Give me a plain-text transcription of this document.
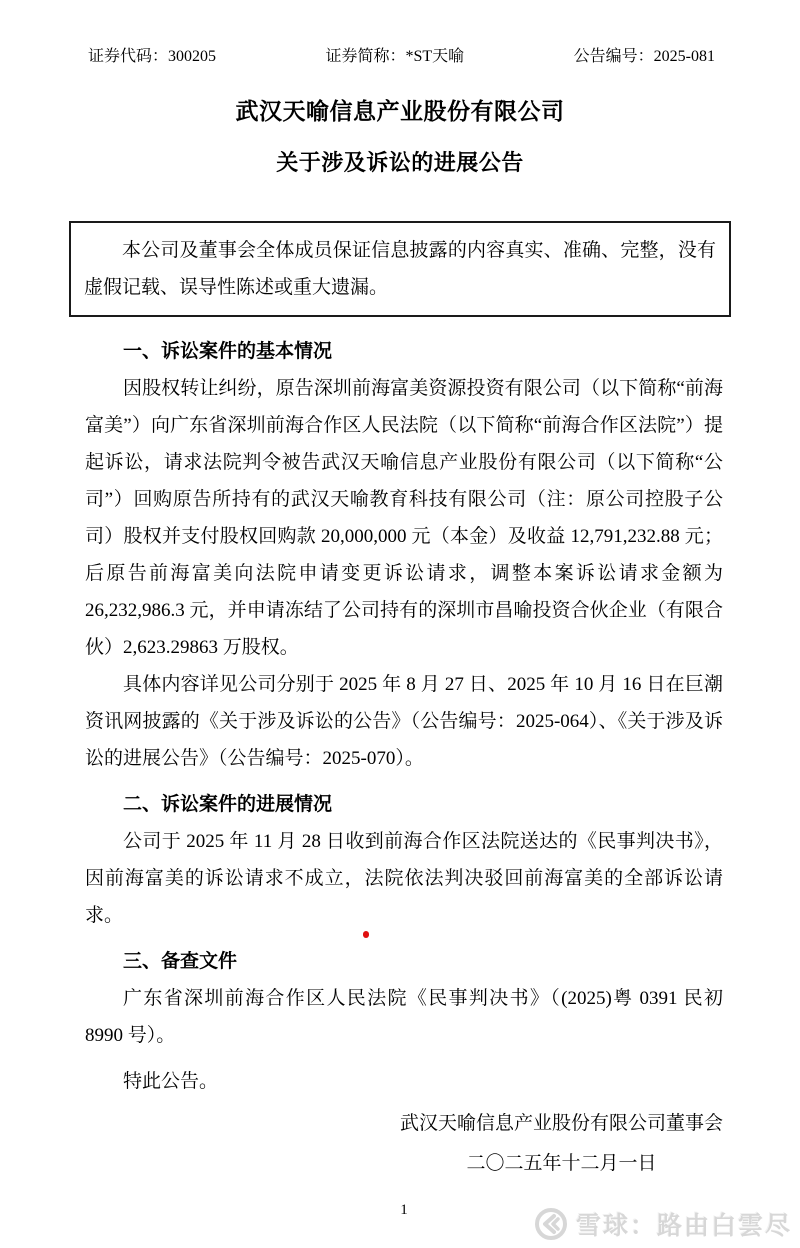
证券代码：300205	证券简称：*ST天喻	公告编号：2025-081
武汉天喻信息产业股份有限公司
关于涉及诉讼的进展公告

本公司及董事会全体成员保证信息披露的内容真实、准确、完整，没有虚假记载、误导性陈述或重大遗漏。

一、诉讼案件的基本情况

因股权转让纠纷，原告深圳前海富美资源投资有限公司（以下简称“前海富美”）向广东省深圳前海合作区人民法院（以下简称“前海合作区法院”）提起诉讼，请求法院判令被告武汉天喻信息产业股份有限公司（以下简称“公司”）回购原告所持有的武汉天喻教育科技有限公司（注：原公司控股子公司）股权并支付股权回购款 20,000,000 元（本金）及收益 12,791,232.88 元；后原告前海富美向法院申请变更诉讼请求，调整本案诉讼请求金额为 26,232,986.3 元，并申请冻结了公司持有的深圳市昌喻投资合伙企业（有限合伙）2,623.29863 万股权。

具体内容详见公司分别于 2025 年 8 月 27 日、2025 年 10 月 16 日在巨潮资讯网披露的《关于涉及诉讼的公告》（公告编号：2025-064）、《关于涉及诉讼的进展公告》（公告编号：2025-070）。

二、诉讼案件的进展情况

公司于 2025 年 11 月 28 日收到前海合作区法院送达的《民事判决书》，因前海富美的诉讼请求不成立，法院依法判决驳回前海富美的全部诉讼请求。

三、备查文件

广东省深圳前海合作区人民法院《民事判决书》（(2025)粤 0391 民初 8990 号）。

特此公告。

武汉天喻信息产业股份有限公司董事会
二〇二五年十二月一日
1
雪球：路由白雲尽
